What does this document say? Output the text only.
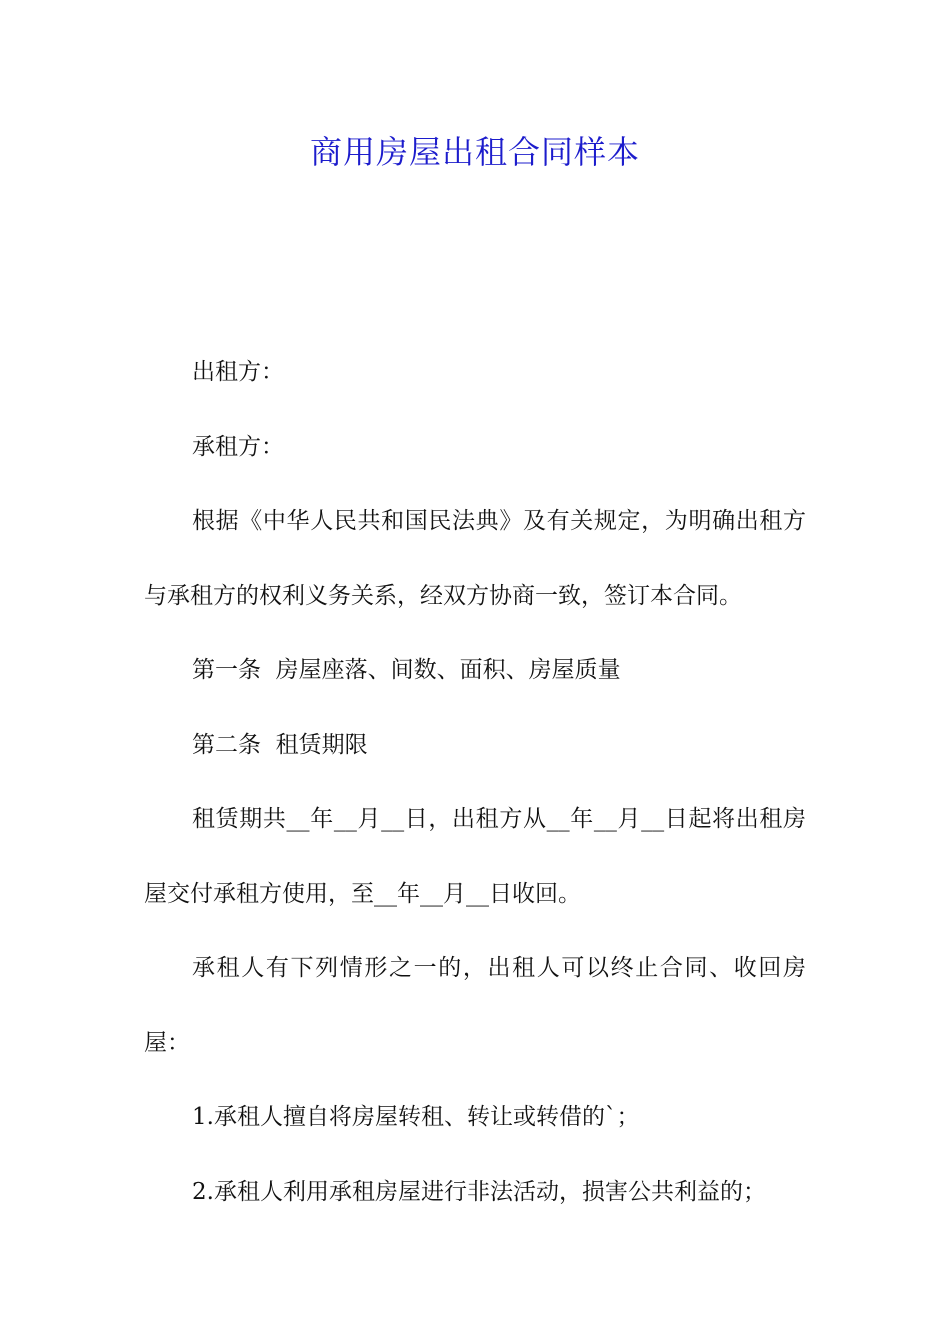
商用房屋出租合同样本

出租方：

承租方：

根据《中华人民共和国民法典》及有关规定，为明确出租方与承租方的权利义务关系，经双方协商一致，签订本合同。

第一条  房屋座落、间数、面积、房屋质量

第二条  租赁期限

租赁期共__年__月__日，出租方从__年__月__日起将出租房屋交付承租方使用，至__年__月__日收回。

承租人有下列情形之一的，出租人可以终止合同、收回房屋：

1.承租人擅自将房屋转租、转让或转借的`；

2.承租人利用承租房屋进行非法活动，损害公共利益的；
